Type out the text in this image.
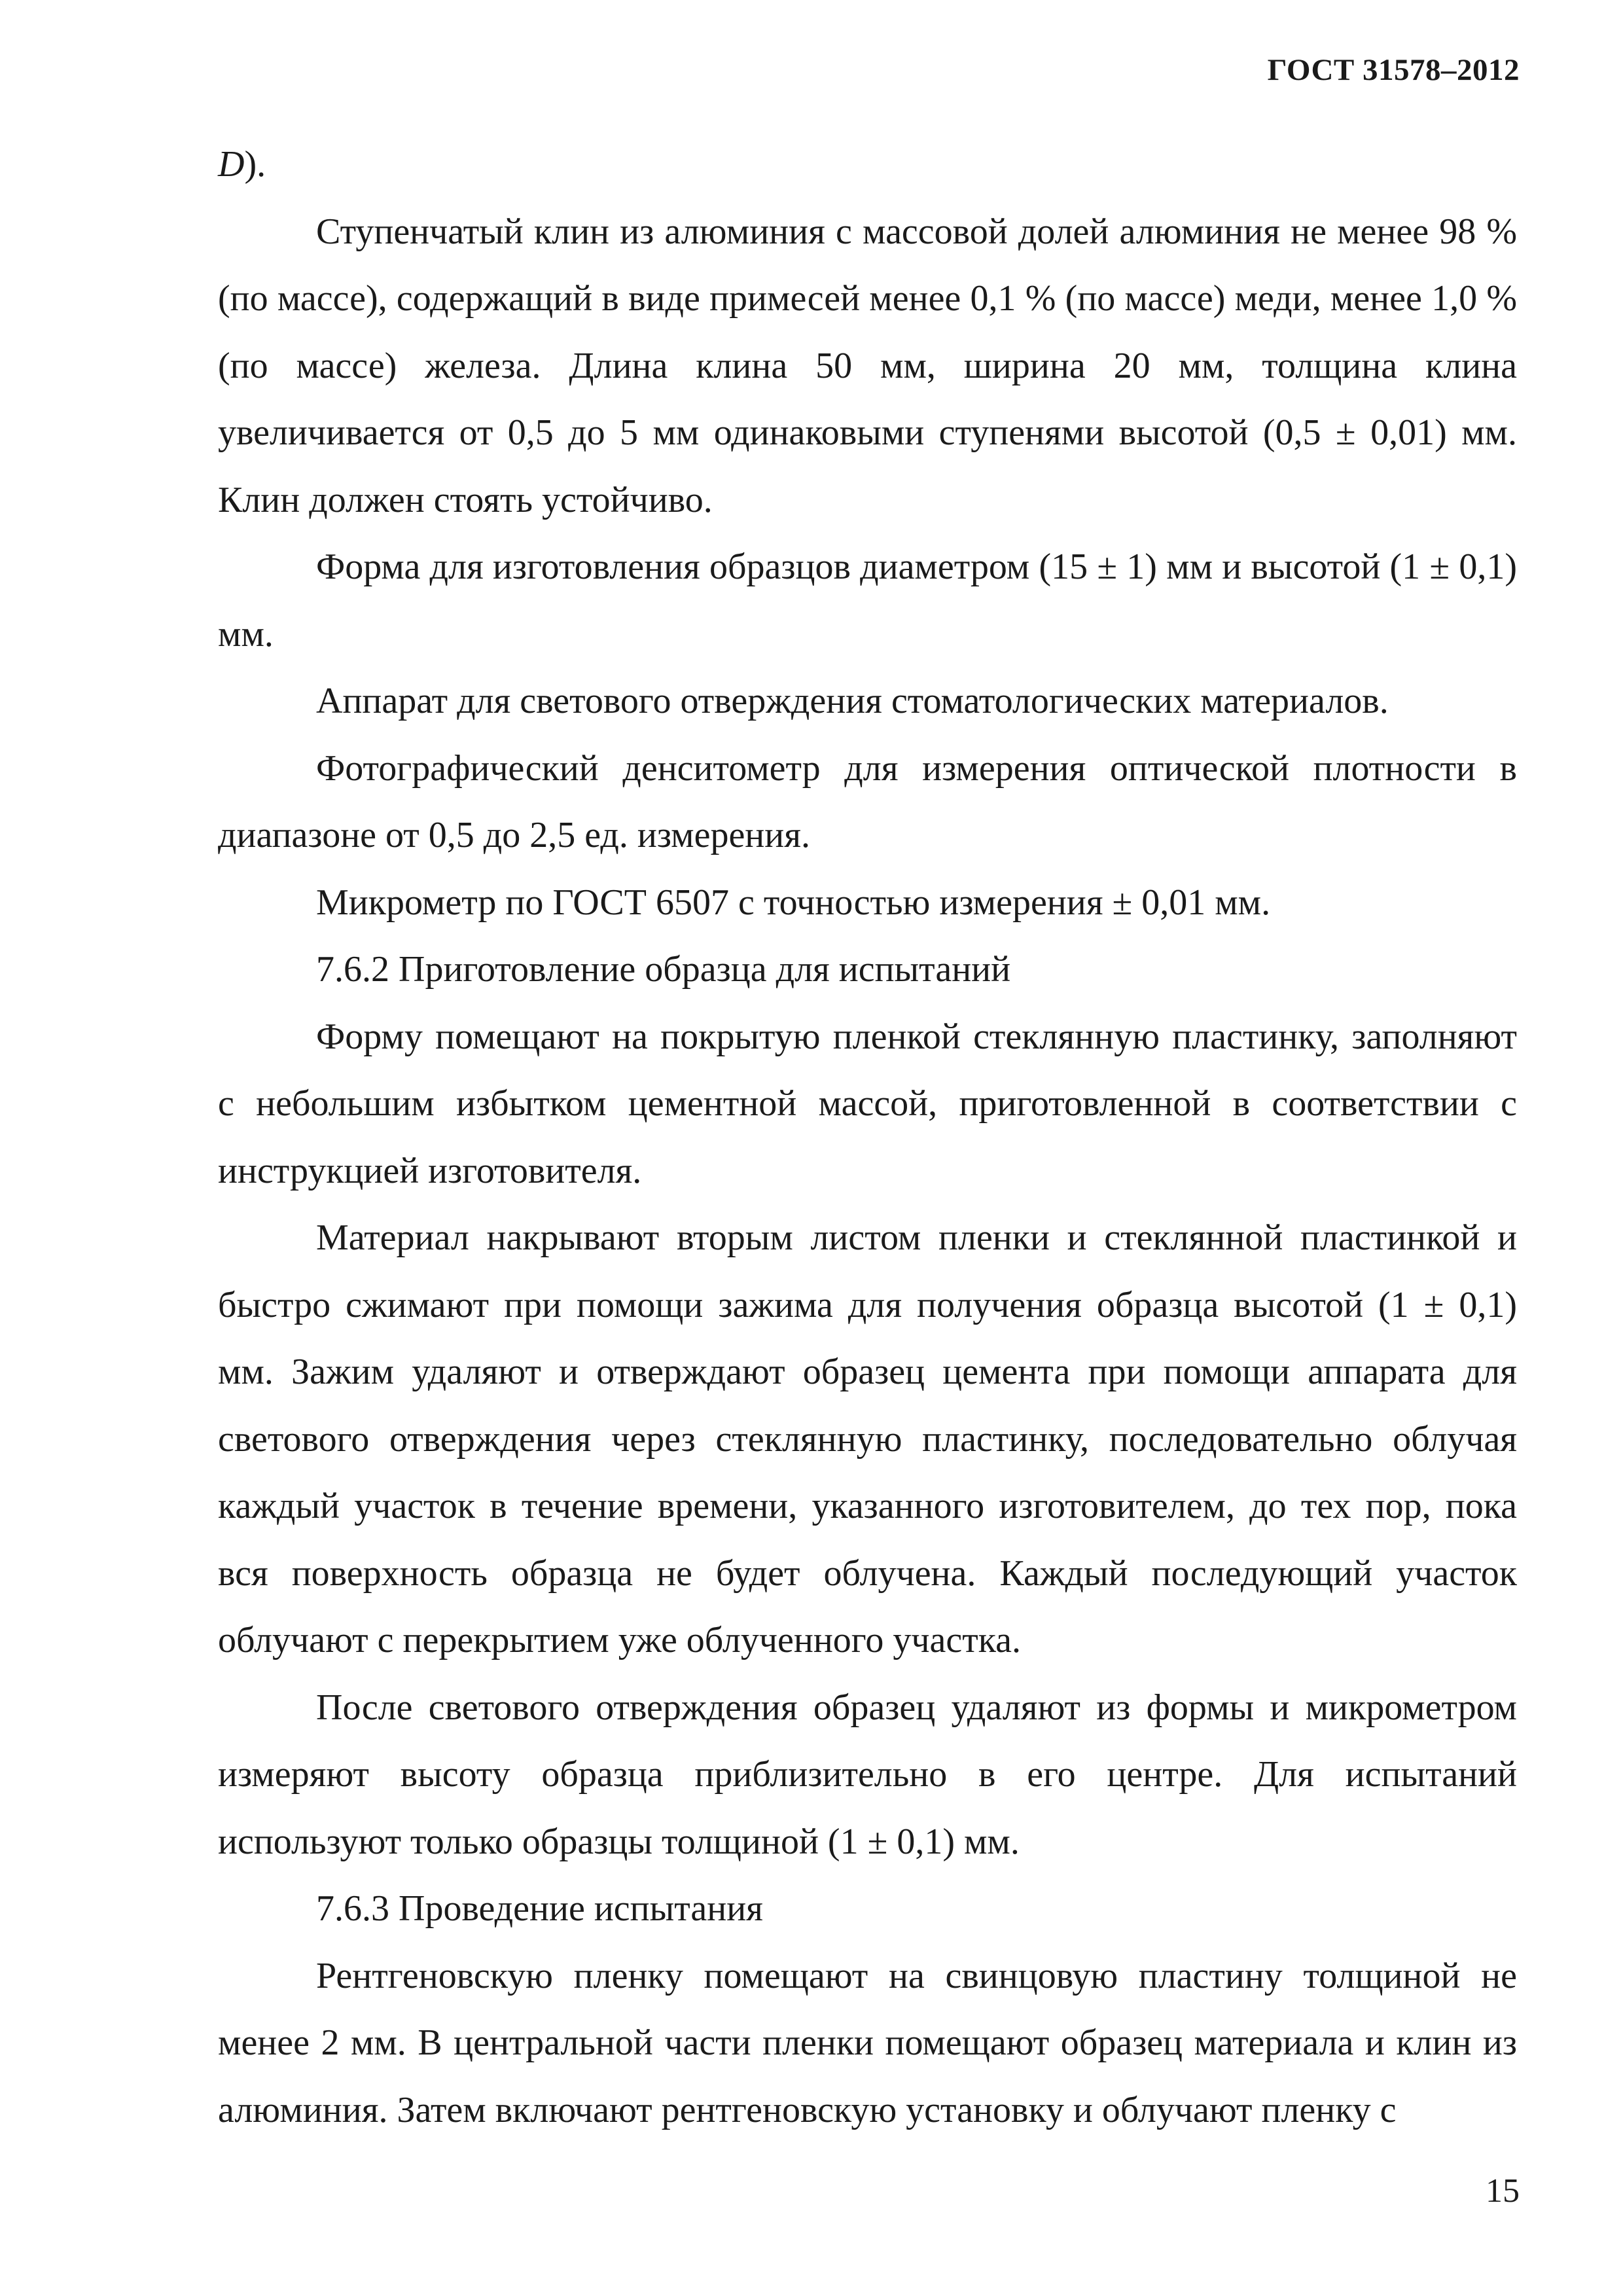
ГОСТ 31578–2012

D).

Ступенчатый клин из алюминия с массовой долей алюминия не менее 98 % (по массе), содержащий в виде примесей менее 0,1 % (по массе) меди, менее 1,0 % (по массе) железа. Длина клина 50 мм, ширина 20 мм, толщина клина увеличивается от 0,5 до 5 мм одинаковыми ступенями высотой (0,5 ± 0,01) мм. Клин должен стоять устойчиво.

Форма для изготовления образцов диаметром (15 ± 1) мм и высотой (1 ± 0,1) мм.

Аппарат для светового отверждения стоматологических материалов.

Фотографический денситометр для измерения оптической плотности в диапазоне от 0,5 до 2,5 ед. измерения.

Микрометр по ГОСТ 6507 с точностью измерения ± 0,01 мм.

7.6.2 Приготовление образца для испытаний

Форму помещают на покрытую пленкой стеклянную пластинку, заполняют с небольшим избытком цементной массой, приготовленной в соответствии с инструкцией изготовителя.

Материал накрывают вторым листом пленки и стеклянной пластинкой и быстро сжимают при помощи зажима для получения образца высотой (1 ± 0,1) мм. Зажим удаляют и отверждают образец цемента при помощи аппарата для светового отверждения через стеклянную пластинку, последовательно облучая каждый участок в течение времени, указанного изготовителем, до тех пор, пока вся поверхность образца не будет облучена. Каждый последующий участок облучают с перекрытием уже облученного участка.

После светового отверждения образец удаляют из формы и микрометром измеряют высоту образца приблизительно в его центре. Для испытаний используют только образцы толщиной (1 ± 0,1) мм.

7.6.3 Проведение испытания

Рентгеновскую пленку помещают на свинцовую пластину толщиной не менее 2 мм. В центральной части пленки помещают образец материала и клин из алюминия. Затем включают рентгеновскую установку и облучают пленку с

15
